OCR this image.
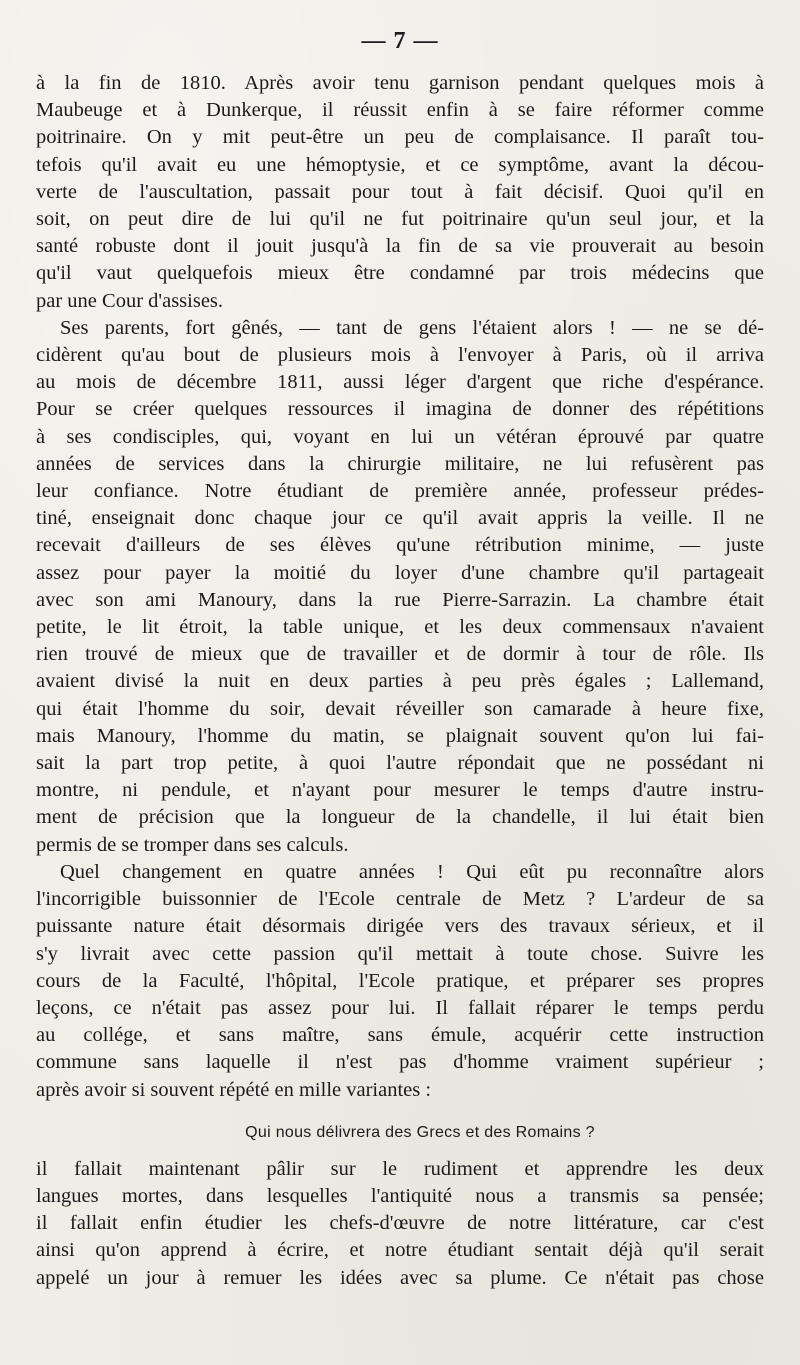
— 7 —
à la fin de 1810. Après avoir tenu garnison pendant quelques mois à
Maubeuge et à Dunkerque, il réussit enfin à se faire réformer comme
poitrinaire. On y mit peut-être un peu de complaisance. Il paraît tou-
tefois qu'il avait eu une hémoptysie, et ce symptôme, avant la décou-
verte de l'auscultation, passait pour tout à fait décisif. Quoi qu'il en
soit, on peut dire de lui qu'il ne fut poitrinaire qu'un seul jour, et la
santé robuste dont il jouit jusqu'à la fin de sa vie prouverait au besoin
qu'il vaut quelquefois mieux être condamné par trois médecins que
par une Cour d'assises.
Ses parents, fort gênés, — tant de gens l'étaient alors ! — ne se dé-
cidèrent qu'au bout de plusieurs mois à l'envoyer à Paris, où il arriva
au mois de décembre 1811, aussi léger d'argent que riche d'espérance.
Pour se créer quelques ressources il imagina de donner des répétitions
à ses condisciples, qui, voyant en lui un vétéran éprouvé par quatre
années de services dans la chirurgie militaire, ne lui refusèrent pas
leur confiance. Notre étudiant de première année, professeur prédes-
tiné, enseignait donc chaque jour ce qu'il avait appris la veille. Il ne
recevait d'ailleurs de ses élèves qu'une rétribution minime, — juste
assez pour payer la moitié du loyer d'une chambre qu'il partageait
avec son ami Manoury, dans la rue Pierre-Sarrazin. La chambre était
petite, le lit étroit, la table unique, et les deux commensaux n'avaient
rien trouvé de mieux que de travailler et de dormir à tour de rôle. Ils
avaient divisé la nuit en deux parties à peu près égales ; Lallemand,
qui était l'homme du soir, devait réveiller son camarade à heure fixe,
mais Manoury, l'homme du matin, se plaignait souvent qu'on lui fai-
sait la part trop petite, à quoi l'autre répondait que ne possédant ni
montre, ni pendule, et n'ayant pour mesurer le temps d'autre instru-
ment de précision que la longueur de la chandelle, il lui était bien
permis de se tromper dans ses calculs.
Quel changement en quatre années ! Qui eût pu reconnaître alors
l'incorrigible buissonnier de l'Ecole centrale de Metz ? L'ardeur de sa
puissante nature était désormais dirigée vers des travaux sérieux, et il
s'y livrait avec cette passion qu'il mettait à toute chose. Suivre les
cours de la Faculté, l'hôpital, l'Ecole pratique, et préparer ses propres
leçons, ce n'était pas assez pour lui. Il fallait réparer le temps perdu
au collége, et sans maître, sans émule, acquérir cette instruction
commune sans laquelle il n'est pas d'homme vraiment supérieur ;
après avoir si souvent répété en mille variantes :
Qui nous délivrera des Grecs et des Romains ?
il fallait maintenant pâlir sur le rudiment et apprendre les deux
langues mortes, dans lesquelles l'antiquité nous a transmis sa pensée;
il fallait enfin étudier les chefs-d'œuvre de notre littérature, car c'est
ainsi qu'on apprend à écrire, et notre étudiant sentait déjà qu'il serait
appelé un jour à remuer les idées avec sa plume. Ce n'était pas chose
